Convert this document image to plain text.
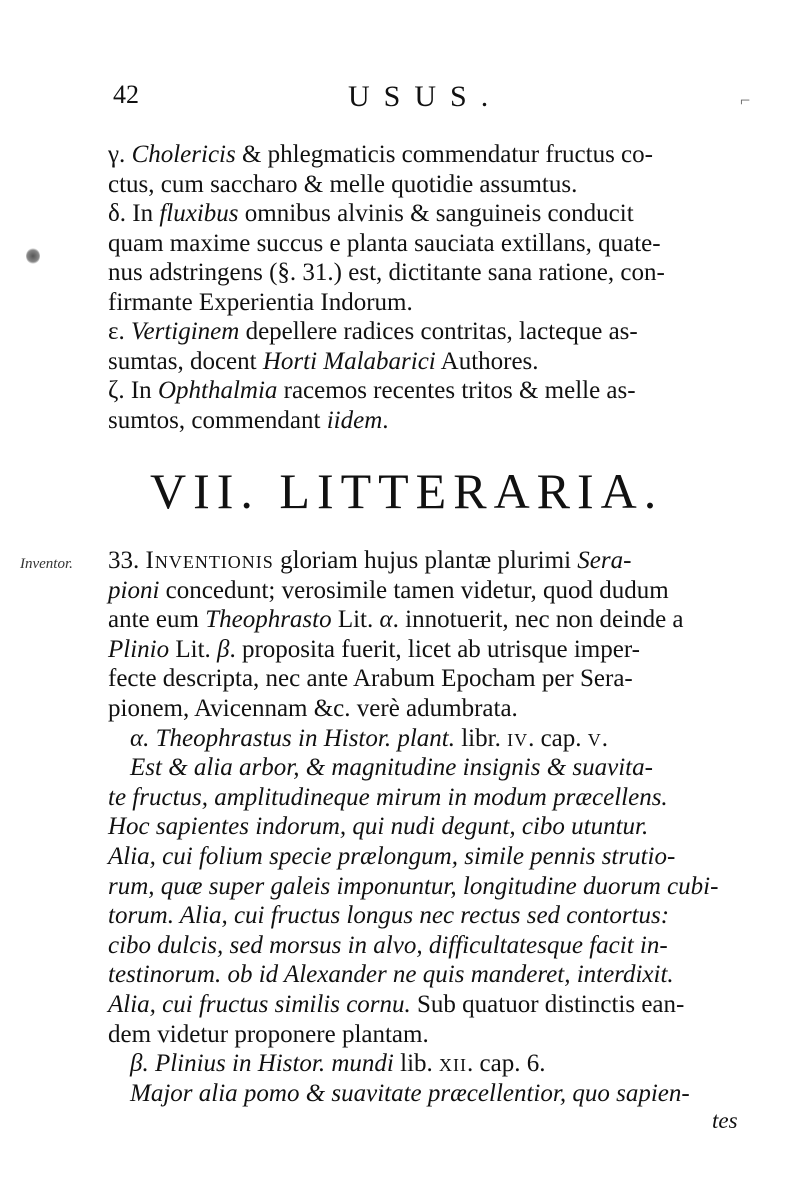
42	USUS.	⌐
γ. Cholericis & phlegmaticis commendatur fructus co-
ctus, cum saccharo & melle quotidie assumtus.
δ. In fluxibus omnibus alvinis & sanguineis conducit
quam maxime succus e planta sauciata extillans, quate-
nus adstringens (§. 31.) est, dictitante sana ratione, con-
firmante Experientia Indorum.
ε. Vertiginem depellere radices contritas, lacteque as-
sumtas, docent Horti Malabarici Authores.
ζ. In Ophthalmia racemos recentes tritos & melle as-
sumtos, commendant iidem.
VII. LITTERARIA.
Inventor. 33. Inventionis gloriam hujus plantæ plurimi Sera-
pioni concedunt; verosimile tamen videtur, quod dudum
ante eum Theophrasto Lit. α. innotuerit, nec non deinde a
Plinio Lit. β. proposita fuerit, licet ab utrisque imper-
fecte descripta, nec ante Arabum Epocham per Sera-
pionem, Avicennam &c. verè adumbrata.
α. Theophrastus in Histor. plant. libr. iv. cap. v.
Est & alia arbor, & magnitudine insignis & suavita-
te fructus, amplitudineque mirum in modum præcellens.
Hoc sapientes indorum, qui nudi degunt, cibo utuntur.
Alia, cui folium specie prælongum, simile pennis strutio-
rum, quæ super galeis imponuntur, longitudine duorum cubi-
torum. Alia, cui fructus longus nec rectus sed contortus:
cibo dulcis, sed morsus in alvo, difficultatesque facit in-
testinorum. ob id Alexander ne quis manderet, interdixit.
Alia, cui fructus similis cornu. Sub quatuor distinctis ean-
dem videtur proponere plantam.
β. Plinius in Histor. mundi lib. xii. cap. 6.
Major alia pomo & suavitate præcellentior, quo sapien-
tes
